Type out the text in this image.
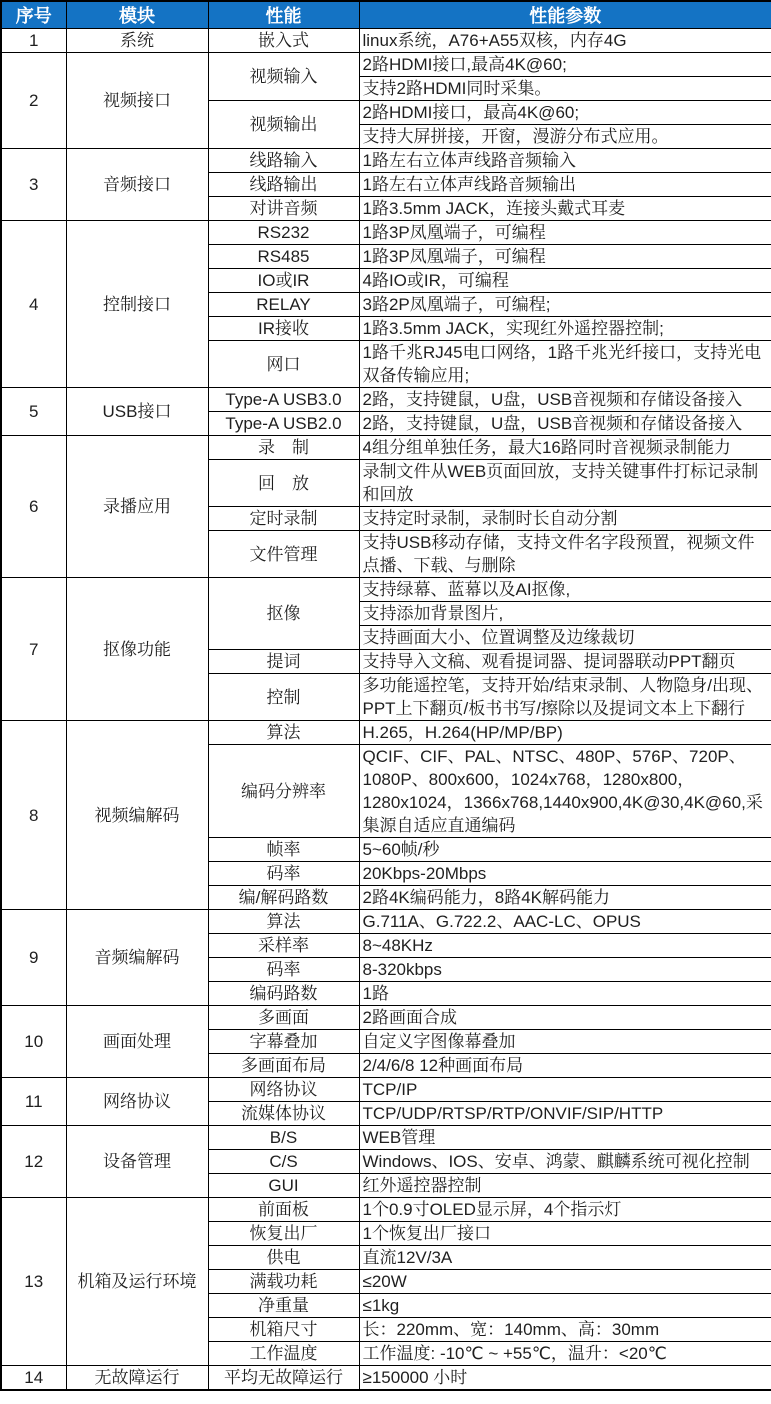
序号	模块	性能	性能参数
1	系统	嵌入式	linux系统，A76+A55双核，内存4G
2	视频接口	视频输入	2路HDMI接口,最高4K@60;
			支持2路HDMI同时采集。
		视频输出	2路HDMI接口，最高4K@60;
			支持大屏拼接，开窗，漫游分布式应用。
3	音频接口	线路输入	1路左右立体声线路音频输入
		线路输出	1路左右立体声线路音频输出
		对讲音频	1路3.5mm JACK，连接头戴式耳麦
4	控制接口	RS232	1路3P凤凰端子，可编程
		RS485	1路3P凤凰端子，可编程
		IO或IR	4路IO或IR，可编程
		RELAY	3路2P凤凰端子，可编程;
		IR接收	1路3.5mm JACK，实现红外遥控器控制;
		网口	1路千兆RJ45电口网络，1路千兆光纤接口，支持光电双备传输应用;
5	USB接口	Type-A USB3.0	2路，支持键鼠，U盘，USB音视频和存储设备接入
		Type-A USB2.0	2路，支持键鼠，U盘，USB音视频和存储设备接入
6	录播应用	录　制	4组分组单独任务，最大16路同时音视频录制能力
		回　放	录制文件从WEB页面回放，支持关键事件打标记录制和回放
		定时录制	支持定时录制，录制时长自动分割
		文件管理	支持USB移动存储，支持文件名字段预置，视频文件点播、下载、与删除
7	抠像功能	抠像	支持绿幕、蓝幕以及AI抠像,
			支持添加背景图片,
			支持画面大小、位置调整及边缘裁切
		提词	支持导入文稿、观看提词器、提词器联动PPT翻页
		控制	多功能遥控笔，支持开始/结束录制、人物隐身/出现、PPT上下翻页/板书书写/擦除以及提词文本上下翻行
8	视频编解码	算法	H.265，H.264(HP/MP/BP)
		编码分辨率	QCIF、CIF、PAL、NTSC、480P、576P、720P、1080P、800x600，1024x768，1280x800，1280x1024，1366x768,1440x900,4K@30,4K@60,采集源自适应直通编码
		帧率	5~60帧/秒
		码率	20Kbps-20Mbps
		编/解码路数	2路4K编码能力，8路4K解码能力
9	音频编解码	算法	G.711A、G.722.2、AAC-LC、OPUS
		采样率	8~48KHz
		码率	8-320kbps
		编码路数	1路
10	画面处理	多画面	2路画面合成
		字幕叠加	自定义字图像幕叠加
		多画面布局	2/4/6/8 12种画面布局
11	网络协议	网络协议	TCP/IP
		流媒体协议	TCP/UDP/RTSP/RTP/ONVIF/SIP/HTTP
12	设备管理	B/S	WEB管理
		C/S	Windows、IOS、安卓、鸿蒙、麒麟系统可视化控制
		GUI	红外遥控器控制
13	机箱及运行环境	前面板	1个0.9寸OLED显示屏，4个指示灯
		恢复出厂	1个恢复出厂接口
		供电	直流12V/3A
		满载功耗	≤20W
		净重量	≤1kg
		机箱尺寸	长：220mm、宽：140mm、高：30mm
		工作温度	工作温度: -10℃ ~ +55℃，温升：<20℃
14	无故障运行	平均无故障运行	≥150000 小时
